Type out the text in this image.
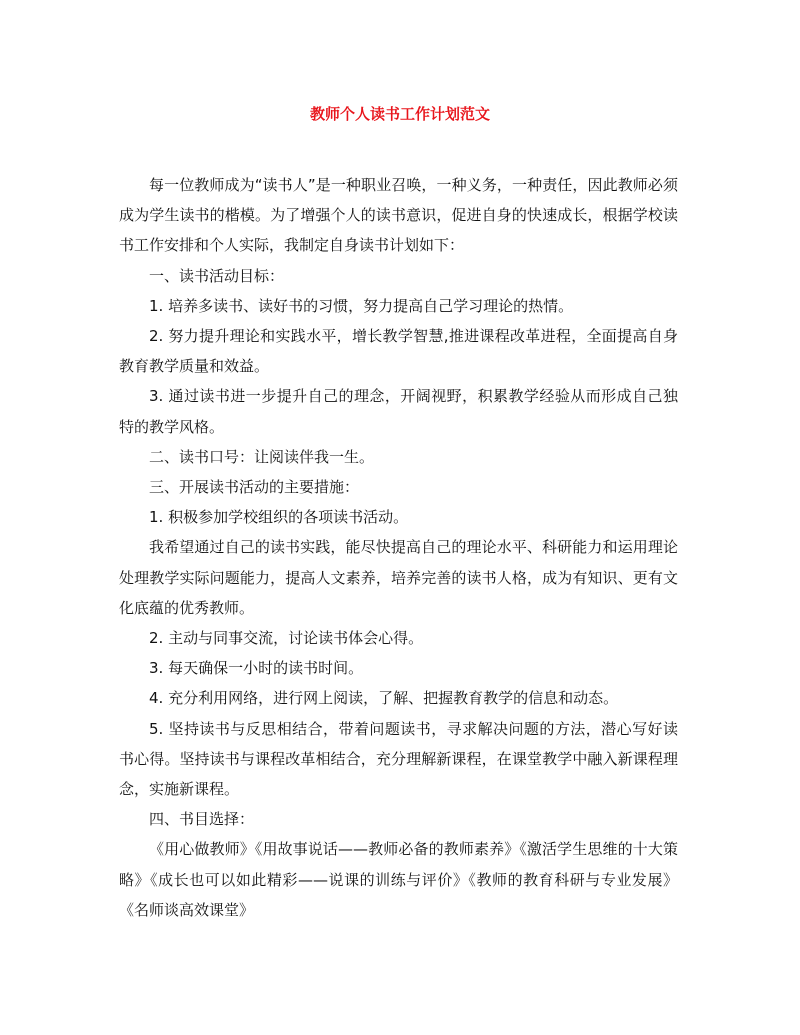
教师个人读书工作计划范文

每一位教师成为“读书人”是一种职业召唤，一种义务，一种责任，因此教师必须成为学生读书的楷模。为了增强个人的读书意识，促进自身的快速成长，根据学校读书工作安排和个人实际，我制定自身读书计划如下：

一、读书活动目标：

1. 培养多读书、读好书的习惯，努力提高自己学习理论的热情。

2. 努力提升理论和实践水平，增长教学智慧,推进课程改革进程，全面提高自身教育教学质量和效益。

3. 通过读书进一步提升自己的理念，开阔视野，积累教学经验从而形成自己独特的教学风格。

二、读书口号：让阅读伴我一生。

三、开展读书活动的主要措施：

1. 积极参加学校组织的各项读书活动。

我希望通过自己的读书实践，能尽快提高自己的理论水平、科研能力和运用理论处理教学实际问题能力，提高人文素养，培养完善的读书人格，成为有知识、更有文化底蕴的优秀教师。

2. 主动与同事交流，讨论读书体会心得。

3. 每天确保一小时的读书时间。

4. 充分利用网络，进行网上阅读，了解、把握教育教学的信息和动态。

5. 坚持读书与反思相结合，带着问题读书，寻求解决问题的方法，潜心写好读书心得。坚持读书与课程改革相结合，充分理解新课程，在课堂教学中融入新课程理念，实施新课程。

四、书目选择：

《用心做教师》《用故事说话——教师必备的教师素养》《激活学生思维的十大策略》《成长也可以如此精彩——说课的训练与评价》《教师的教育科研与专业发展》《名师谈高效课堂》
